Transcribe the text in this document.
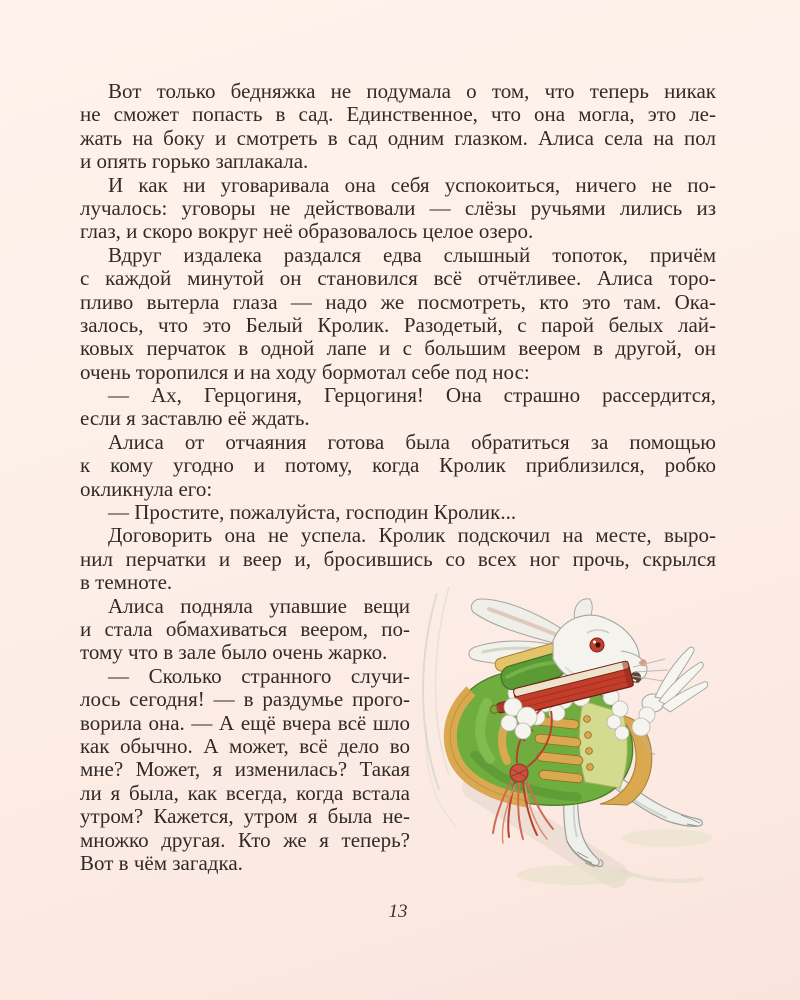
Вот только бедняжка не подумала о том, что теперь никак
не сможет попасть в сад. Единственное, что она могла, это ле-
жать на боку и смотреть в сад одним глазком. Алиса села на пол
и опять горько заплакала.
И как ни уговаривала она себя успокоиться, ничего не по-
лучалось: уговоры не действовали — слёзы ручьями лились из
глаз, и скоро вокруг неё образовалось целое озеро.
Вдруг издалека раздался едва слышный топоток, причём
с каждой минутой он становился всё отчётливее. Алиса торо-
пливо вытерла глаза — надо же посмотреть, кто это там. Ока-
залось, что это Белый Кролик. Разодетый, с парой белых лай-
ковых перчаток в одной лапе и с большим веером в другой, он
очень торопился и на ходу бормотал себе под нос:
— Ах, Герцогиня, Герцогиня! Она страшно рассердится,
если я заставлю её ждать.
Алиса от отчаяния готова была обратиться за помощью
к кому угодно и потому, когда Кролик приблизился, робко
окликнула его:
— Простите, пожалуйста, господин Кролик...
Договорить она не успела. Кролик подскочил на месте, выро-
нил перчатки и веер и, бросившись со всех ног прочь, скрылся
в темноте.
Алиса подняла упавшие вещи
и стала обмахиваться веером, по-
тому что в зале было очень жарко.
— Сколько странного случи-
лось сегодня! — в раздумье прого-
ворила она. — А ещё вчера всё шло
как обычно. А может, всё дело во
мне? Может, я изменилась? Такая
ли я была, как всегда, когда встала
утром? Кажется, утром я была не-
множко другая. Кто же я теперь?
Вот в чём загадка.
13
